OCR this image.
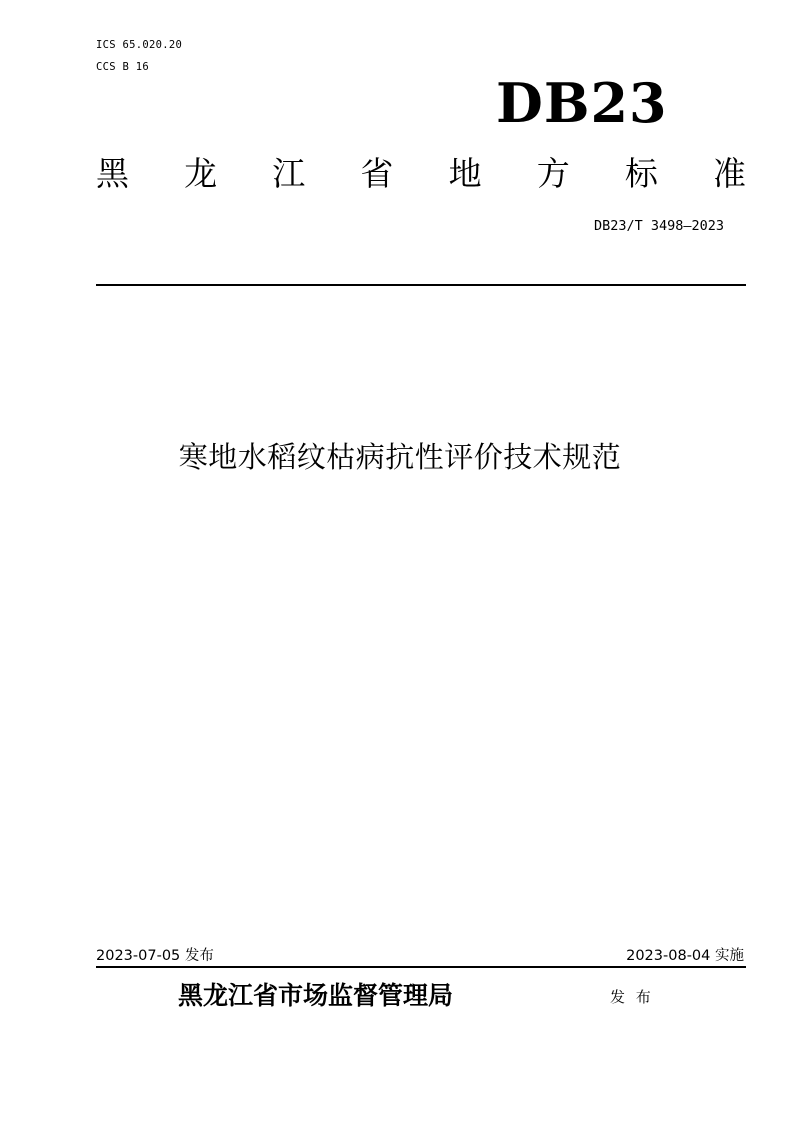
ICS 65.020.20
CCS B 16
DB23
黑 龙 江 省 地 方 标 准
DB23/T 3498—2023
寒地水稻纹枯病抗性评价技术规范
2023-07-05 发布	2023-08-04 实施
黑龙江省市场监督管理局	发 布
